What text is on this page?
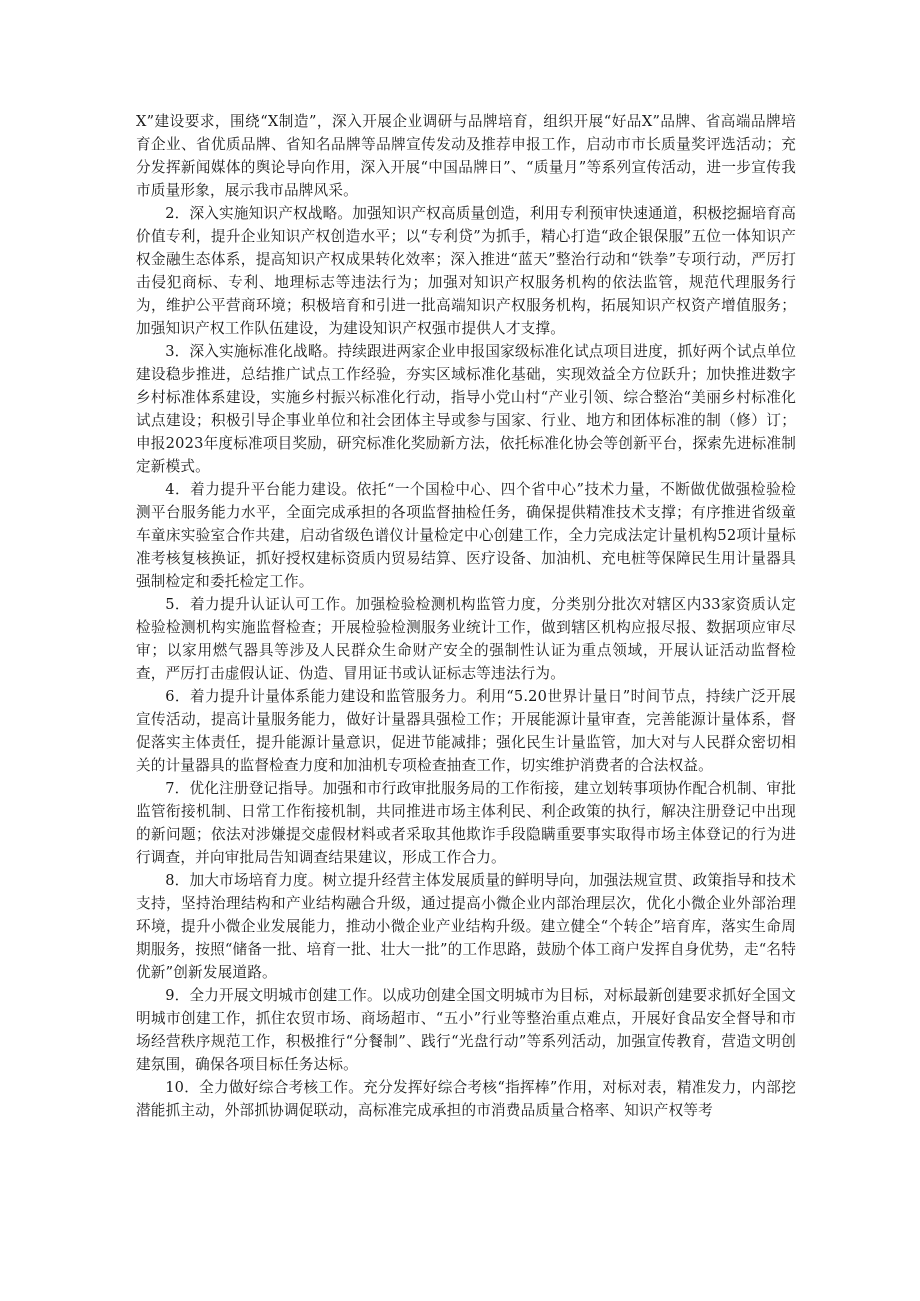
X”建设要求，围绕“X制造”，深入开展企业调研与品牌培育，组织开展“好品X”品牌、省高端品牌培育企业、省优质品牌、省知名品牌等品牌宣传发动及推荐申报工作，启动市市长质量奖评选活动；充分发挥新闻媒体的舆论导向作用，深入开展“中国品牌日”、“质量月”等系列宣传活动，进一步宣传我市质量形象，展示我市品牌风采。

2．深入实施知识产权战略。加强知识产权高质量创造，利用专利预审快速通道，积极挖掘培育高价值专利，提升企业知识产权创造水平；以“专利贷”为抓手，精心打造“政企银保服”五位一体知识产权金融生态体系，提高知识产权成果转化效率；深入推进“蓝天”整治行动和“铁拳”专项行动，严厉打击侵犯商标、专利、地理标志等违法行为；加强对知识产权服务机构的依法监管，规范代理服务行为，维护公平营商环境；积极培育和引进一批高端知识产权服务机构，拓展知识产权资产增值服务；加强知识产权工作队伍建设，为建设知识产权强市提供人才支撑。

3．深入实施标准化战略。持续跟进两家企业申报国家级标准化试点项目进度，抓好两个试点单位建设稳步推进，总结推广试点工作经验，夯实区域标准化基础，实现效益全方位跃升；加快推进数字乡村标准体系建设，实施乡村振兴标准化行动，指导小党山村“产业引领、综合整治“美丽乡村标准化试点建设；积极引导企事业单位和社会团体主导或参与国家、行业、地方和团体标准的制（修）订；申报2023年度标准项目奖励，研究标准化奖励新方法，依托标准化协会等创新平台，探索先进标准制定新模式。

4．着力提升平台能力建设。依托“一个国检中心、四个省中心”技术力量，不断做优做强检验检测平台服务能力水平，全面完成承担的各项监督抽检任务，确保提供精准技术支撑；有序推进省级童车童床实验室合作共建，启动省级色谱仪计量检定中心创建工作，全力完成法定计量机构52项计量标准考核复核换证，抓好授权建标资质内贸易结算、医疗设备、加油机、充电桩等保障民生用计量器具强制检定和委托检定工作。

5．着力提升认证认可工作。加强检验检测机构监管力度，分类别分批次对辖区内33家资质认定检验检测机构实施监督检查；开展检验检测服务业统计工作，做到辖区机构应报尽报、数据项应审尽审；以家用燃气器具等涉及人民群众生命财产安全的强制性认证为重点领域，开展认证活动监督检查，严厉打击虚假认证、伪造、冒用证书或认证标志等违法行为。

6．着力提升计量体系能力建设和监管服务力。利用“5.20世界计量日”时间节点，持续广泛开展宣传活动，提高计量服务能力，做好计量器具强检工作；开展能源计量审查，完善能源计量体系，督促落实主体责任，提升能源计量意识，促进节能减排；强化民生计量监管，加大对与人民群众密切相关的计量器具的监督检查力度和加油机专项检查抽查工作，切实维护消费者的合法权益。

7．优化注册登记指导。加强和市行政审批服务局的工作衔接，建立划转事项协作配合机制、审批监管衔接机制、日常工作衔接机制，共同推进市场主体利民、利企政策的执行，解决注册登记中出现的新问题；依法对涉嫌提交虚假材料或者采取其他欺诈手段隐瞒重要事实取得市场主体登记的行为进行调查，并向审批局告知调查结果建议，形成工作合力。

8．加大市场培育力度。树立提升经营主体发展质量的鲜明导向，加强法规宣贯、政策指导和技术支持，坚持治理结构和产业结构融合升级，通过提高小微企业内部治理层次，优化小微企业外部治理环境，提升小微企业发展能力，推动小微企业产业结构升级。建立健全“个转企”培育库，落实生命周期服务，按照“储备一批、培育一批、壮大一批”的工作思路，鼓励个体工商户发挥自身优势，走“名特优新”创新发展道路。

9．全力开展文明城市创建工作。以成功创建全国文明城市为目标，对标最新创建要求抓好全国文明城市创建工作，抓住农贸市场、商场超市、“五小”行业等整治重点难点，开展好食品安全督导和市场经营秩序规范工作，积极推行“分餐制”、践行“光盘行动”等系列活动，加强宣传教育，营造文明创建氛围，确保各项目标任务达标。

10．全力做好综合考核工作。充分发挥好综合考核“指挥棒”作用，对标对表，精准发力，内部挖潜能抓主动，外部抓协调促联动，高标准完成承担的市消费品质量合格率、知识产权等考
